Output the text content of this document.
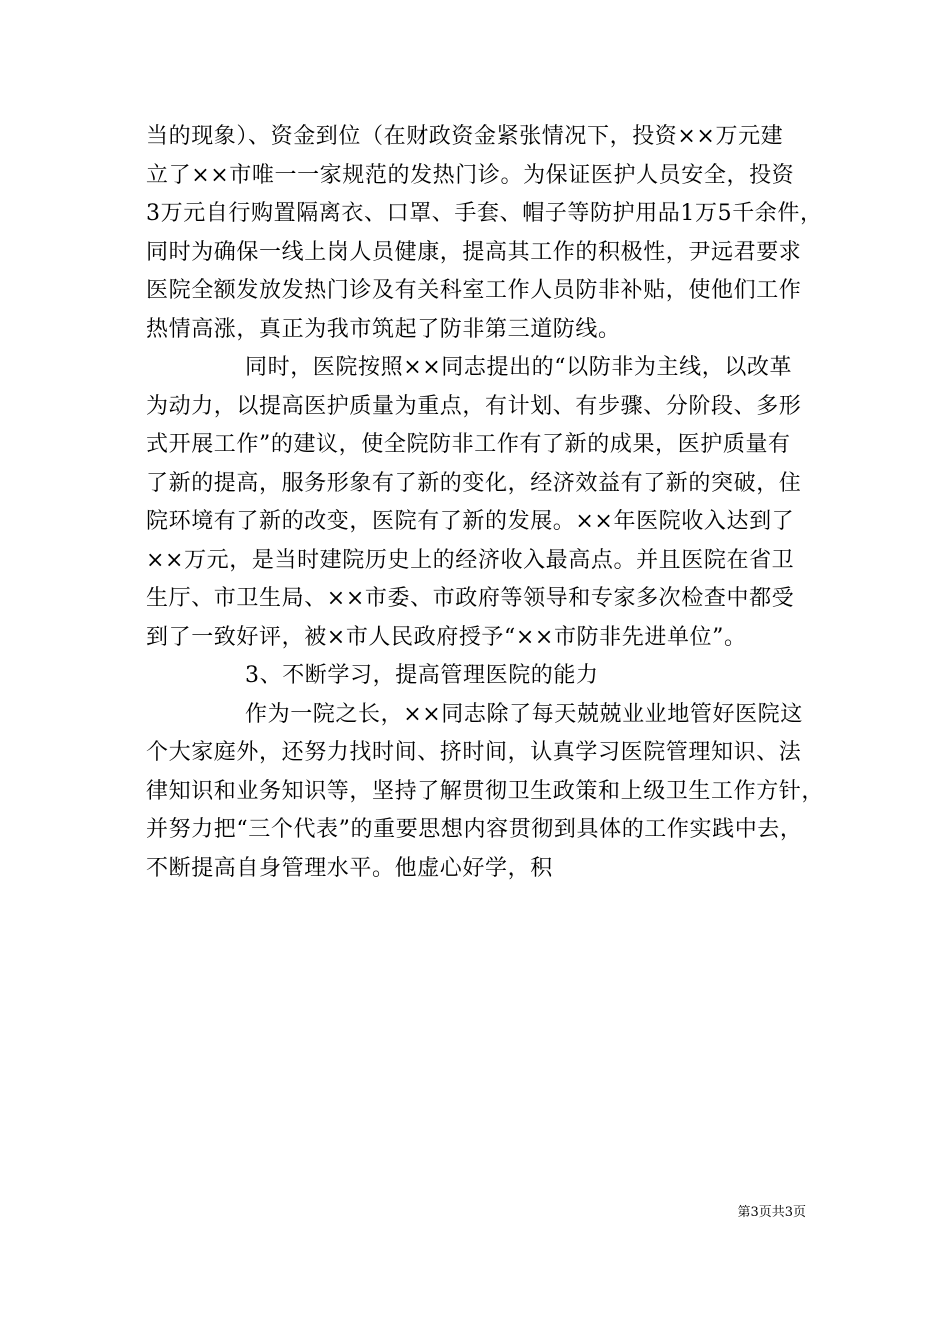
当的现象）、资金到位（在财政资金紧张情况下，投资××万元建
立了××市唯一一家规范的发热门诊。为保证医护人员安全，投资
3万元自行购置隔离衣、口罩、手套、帽子等防护用品1万5千余件，
同时为确保一线上岗人员健康，提高其工作的积极性，尹远君要求
医院全额发放发热门诊及有关科室工作人员防非补贴，使他们工作
热情高涨，真正为我市筑起了防非第三道防线。
同时，医院按照××同志提出的“以防非为主线，以改革
为动力，以提高医护质量为重点，有计划、有步骤、分阶段、多形
式开展工作”的建议，使全院防非工作有了新的成果，医护质量有
了新的提高，服务形象有了新的变化，经济效益有了新的突破，住
院环境有了新的改变，医院有了新的发展。××年医院收入达到了
××万元，是当时建院历史上的经济收入最高点。并且医院在省卫
生厅、市卫生局、××市委、市政府等领导和专家多次检查中都受
到了一致好评，被×市人民政府授予“××市防非先进单位”。
3、不断学习，提高管理医院的能力
作为一院之长，××同志除了每天兢兢业业地管好医院这
个大家庭外，还努力找时间、挤时间，认真学习医院管理知识、法
律知识和业务知识等，坚持了解贯彻卫生政策和上级卫生工作方针，
并努力把“三个代表”的重要思想内容贯彻到具体的工作实践中去，
不断提高自身管理水平。他虚心好学，积
第3页共3页
